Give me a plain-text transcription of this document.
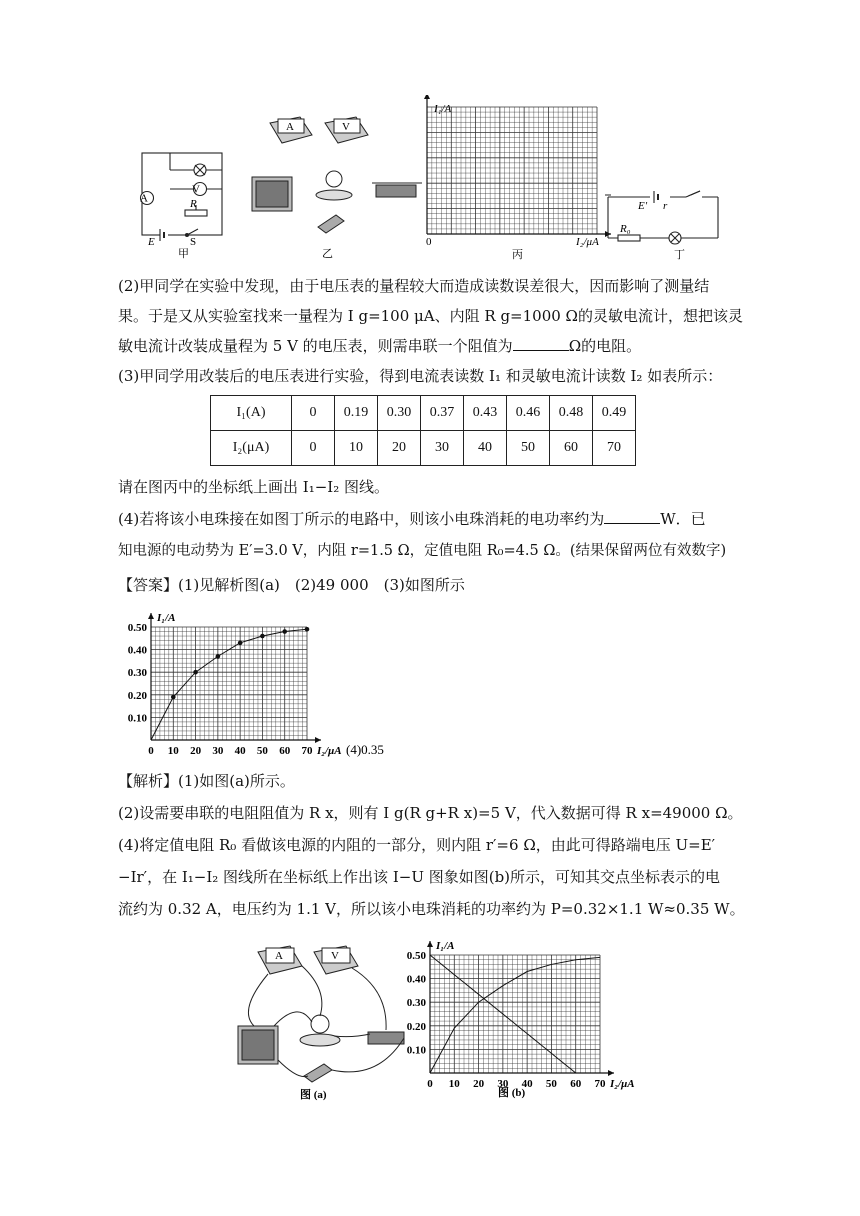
V
A	R
E	S
甲
A	V
乙
I₁/A
0	I₂/μA
丙
E′ r
R₀
丁
(2)甲同学在实验中发现，由于电压表的量程较大而造成读数误差很大，因而影响了测量结
果。于是又从实验室找来一量程为 I g=100 μA、内阻 R g=1000 Ω的灵敏电流计，想把该灵
敏电流计改装成量程为 5 V 的电压表，则需串联一个阻值为	Ω的电阻。
(3)甲同学用改装后的电压表进行实验，得到电流表读数 I₁ 和灵敏电流计读数 I₂ 如表所示：
I₁(A)	0	0.19	0.30	0.37	0.43	0.46	0.48	0.49
I₂(μA)	0	10	20	30	40	50	60	70
请在图丙中的坐标纸上画出 I₁−I₂ 图线。
(4)若将该小电珠接在如图丁所示的电路中，则该小电珠消耗的电功率约为	W．已
知电源的电动势为 E′=3.0 V，内阻 r=1.5 Ω，定值电阻 R₀=4.5 Ω。(结果保留两位有效数字)
【答案】(1)见解析图(a)　(2)49 000　(3)如图所示
0.50
0.40
0.30
0.20
0.10
0 10 20 30 40 50 60 70 I₂/μA
I₁/A
(4)0.35
【解析】(1)如图(a)所示。
(2)设需要串联的电阻阻值为 R x，则有 I g(R g+R x)=5 V，代入数据可得 R x=49000 Ω。
(4)将定值电阻 R₀ 看做该电源的内阻的一部分，则内阻 r′=6 Ω，由此可得路端电压 U=E′
−Ir′，在 I₁−I₂ 图线所在坐标纸上作出该 I−U 图象如图(b)所示，可知其交点坐标表示的电
流约为 0.32 A，电压约为 1.1 V，所以该小电珠消耗的功率约为 P=0.32×1.1 W≈0.35 W。
A	V
图 (a)	图 (b)
0.50
0.40
0.30
0.20
0.10
0 10 20 30 40 50 60 70 I₂/μA
I₁/A
